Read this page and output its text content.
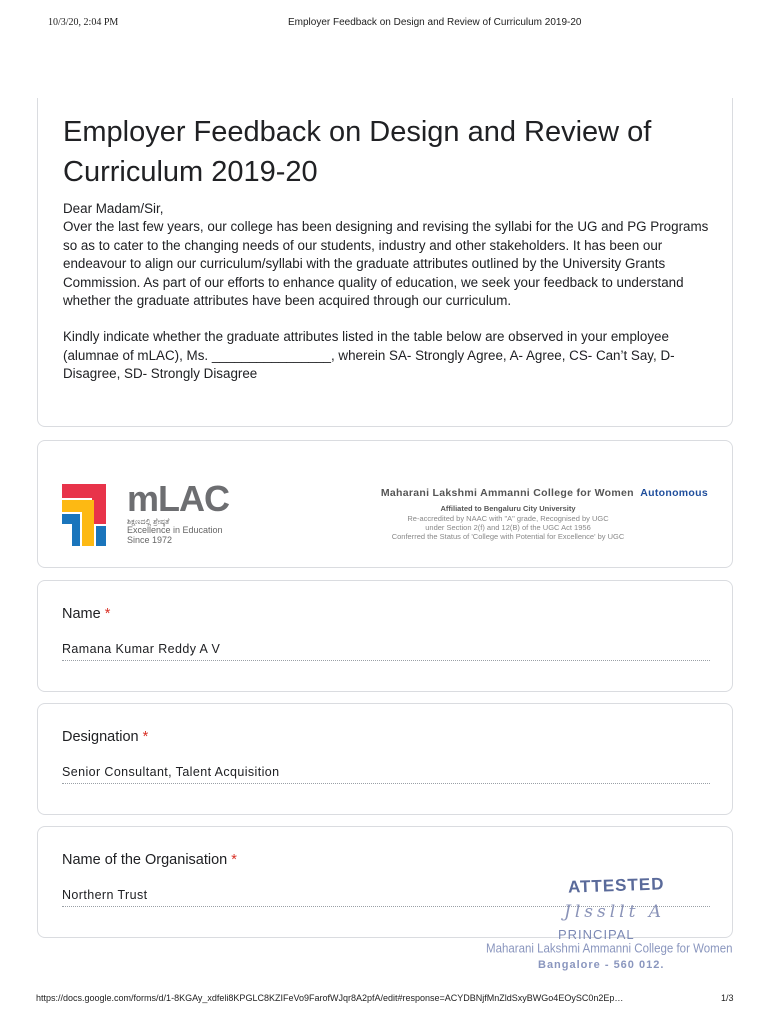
10/3/20, 2:04 PM	Employer Feedback on Design and Review of Curriculum 2019-20
Employer Feedback on Design and Review of Curriculum 2019-20

Dear Madam/Sir,

Over the last few years, our college has been designing and revising the syllabi for the UG and PG Programs so as to cater to the changing needs of our students, industry and other stakeholders. It has been our endeavour to align our curriculum/syllabi with the graduate attributes outlined by the University Grants Commission. As part of our efforts to enhance quality of education, we seek your feedback to understand whether the graduate attributes have been acquired through our curriculum.

Kindly indicate whether the graduate attributes listed in the table below are observed in your employee (alumnae of mLAC), Ms. ________________, wherein SA- Strongly Agree, A- Agree, CS- Can’t Say, D-Disagree, SD- Strongly Disagree

mLAC
ಶಿಕ್ಷಣದಲ್ಲಿ ಶ್ರೇಷ್ಠತೆ
Excellence in Education
Since 1972
Maharani Lakshmi Ammanni College for Women Autonomous
Affiliated to Bengaluru City University
Re-accredited by NAAC with "A" grade, Recognised by UGC
under Section 2(f) and 12(B) of the UGC Act 1956
Conferred the Status of 'College with Potential for Excellence' by UGC
Name *
Ramana Kumar Reddy A V
Designation *
Senior Consultant, Talent Acquisition
Name of the Organisation *
Northern Trust	ATTESTED
Jlssllt A
PRINCIPAL
Maharani Lakshmi Ammanni College for Women
Bangalore - 560 012.
https://docs.google.com/forms/d/1-8KGAy_xdfeli8KPGLC8KZIFeVo9FarofWJqr8A2pfA/edit#response=ACYDBNjfMnZldSxyBWGo4EOySC0n2Ep…	1/3
